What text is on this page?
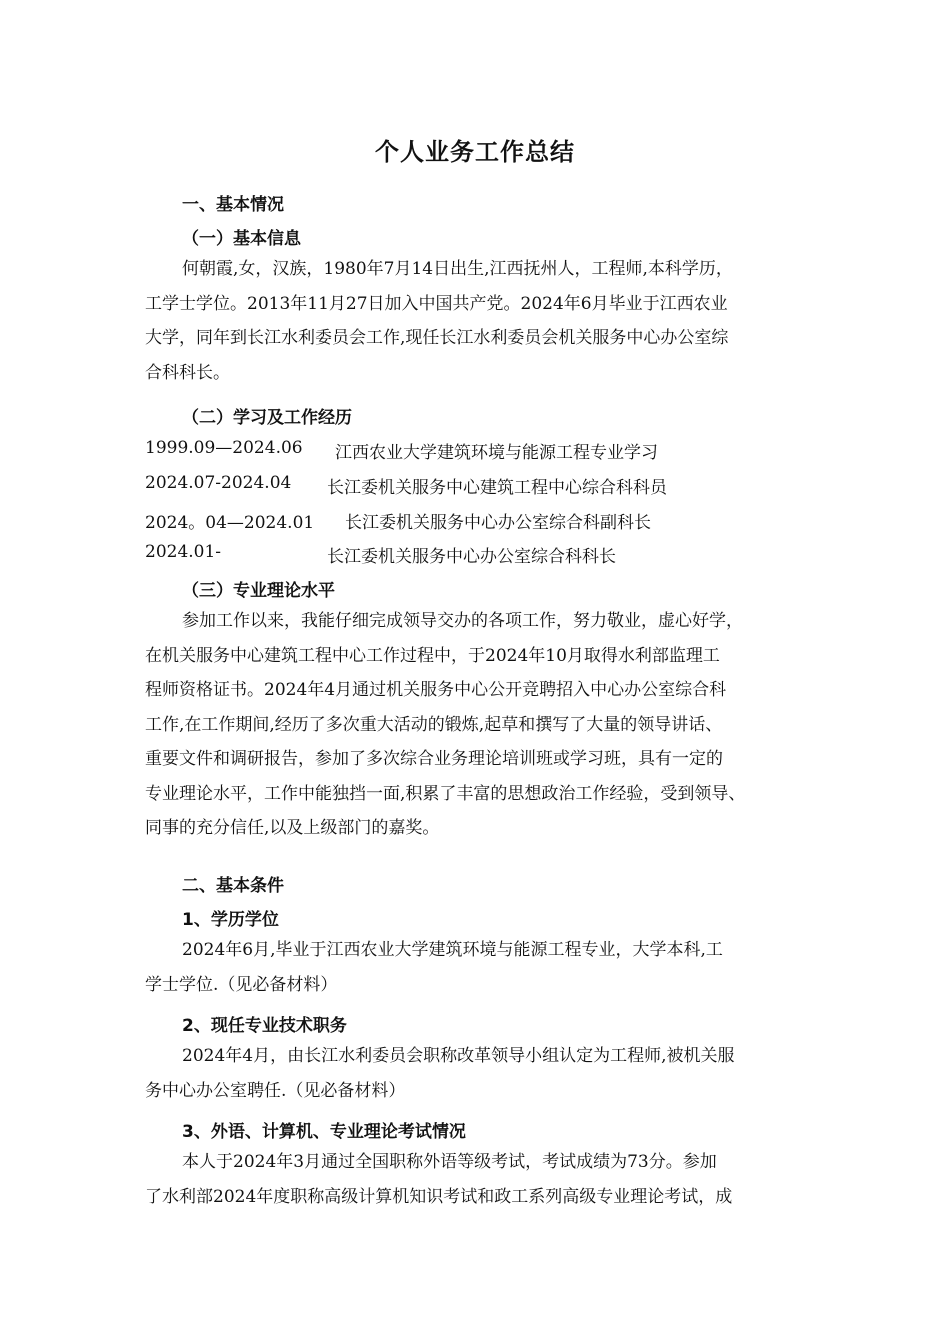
个人业务工作总结
一、基本情况
（一）基本信息
何朝霞,女，汉族，1980年7月14日出生,江西抚州人，工程师,本科学历，
工学士学位。2013年11月27日加入中国共产党。2024年6月毕业于江西农业
大学，同年到长江水利委员会工作,现任长江水利委员会机关服务中心办公室综
合科科长。
（二）学习及工作经历
1999.09—2024.06 江西农业大学建筑环境与能源工程专业学习
2024.07-2024.04 长江委机关服务中心建筑工程中心综合科科员
2024。04—2024.01 长江委机关服务中心办公室综合科副科长
2024.01-	长江委机关服务中心办公室综合科科长
（三）专业理论水平
参加工作以来，我能仔细完成领导交办的各项工作，努力敬业，虚心好学，
在机关服务中心建筑工程中心工作过程中，于2024年10月取得水利部监理工
程师资格证书。2024年4月通过机关服务中心公开竞聘招入中心办公室综合科
工作,在工作期间,经历了多次重大活动的锻炼,起草和撰写了大量的领导讲话、
重要文件和调研报告，参加了多次综合业务理论培训班或学习班，具有一定的
专业理论水平，工作中能独挡一面,积累了丰富的思想政治工作经验，受到领导、
同事的充分信任,以及上级部门的嘉奖。
二、基本条件
1、学历学位
2024年6月,毕业于江西农业大学建筑环境与能源工程专业，大学本科,工
学士学位.（见必备材料）
2、现任专业技术职务
2024年4月，由长江水利委员会职称改革领导小组认定为工程师,被机关服
务中心办公室聘任.（见必备材料）
3、外语、计算机、专业理论考试情况
本人于2024年3月通过全国职称外语等级考试，考试成绩为73分。参加
了水利部2024年度职称高级计算机知识考试和政工系列高级专业理论考试，成
